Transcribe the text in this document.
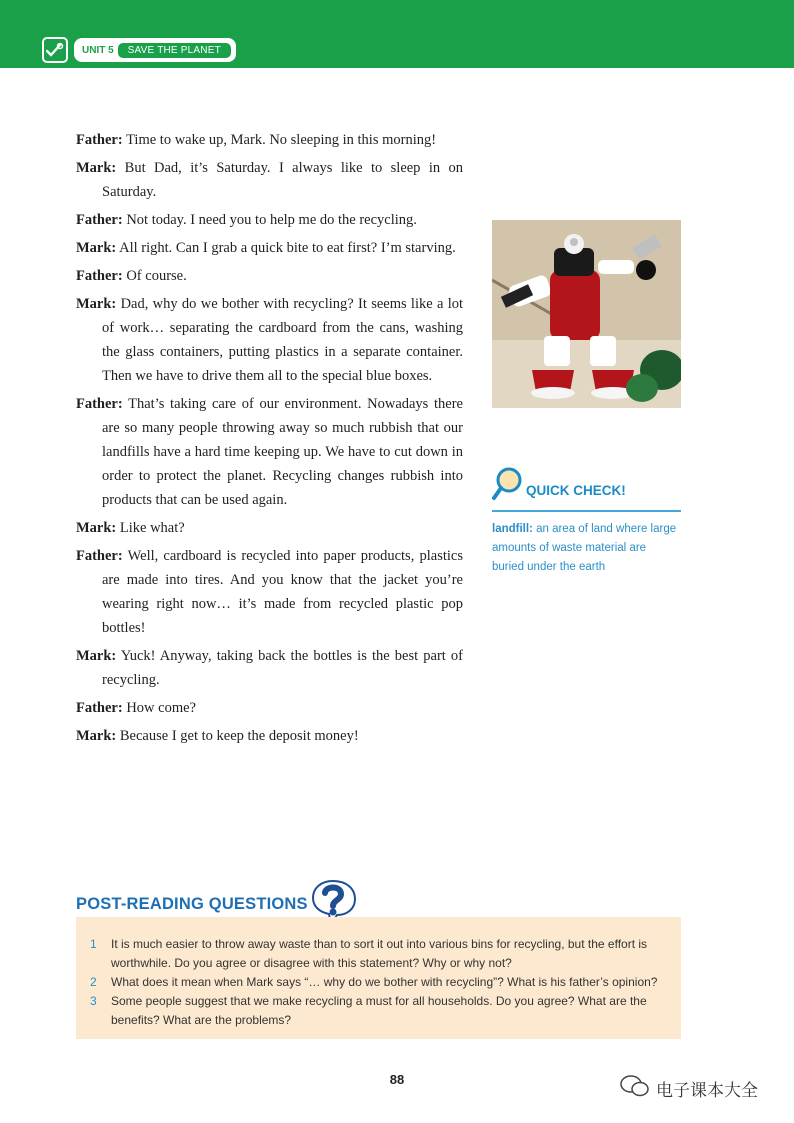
UNIT 5	SAVE THE PLANET

Father: Time to wake up, Mark. No sleeping in this morning!

Mark: But Dad, it’s Saturday. I always like to sleep in on Saturday.

Father: Not today. I need you to help me do the recycling.

Mark: All right. Can I grab a quick bite to eat first? I’m starving.

Father: Of course.

Mark: Dad, why do we bother with recycling? It seems like a lot of work… separating the cardboard from the cans, washing the glass containers, putting plastics in a separate container. Then we have to drive them all to the special blue boxes.

Father: That’s taking care of our environment. Nowadays there are so many people throwing away so much rubbish that our landfills have a hard time keeping up. We have to cut down in order to protect the planet. Recycling changes rubbish into products that can be used again.

Mark: Like what?

Father: Well, cardboard is recycled into paper products, plastics are made into tires. And you know that the jacket you’re wearing right now… it’s made from recycled plastic pop bottles!

Mark: Yuck! Anyway, taking back the bottles is the best part of recycling.

Father: How come?

Mark: Because I get to keep the deposit money!

QUICK CHECK!
landfill: an area of land where large amounts of waste material are buried under the earth
POST-READING QUESTIONS
1	It is much easier to throw away waste than to sort it out into various bins for recycling, but the effort is worthwhile. Do you agree or disagree with this statement? Why or why not?
2	What does it mean when Mark says “… why do we bother with recycling”? What is his father’s opinion?
3	Some people suggest that we make recycling a must for all households. Do you agree? What are the benefits? What are the problems?
88
电子课本大全
